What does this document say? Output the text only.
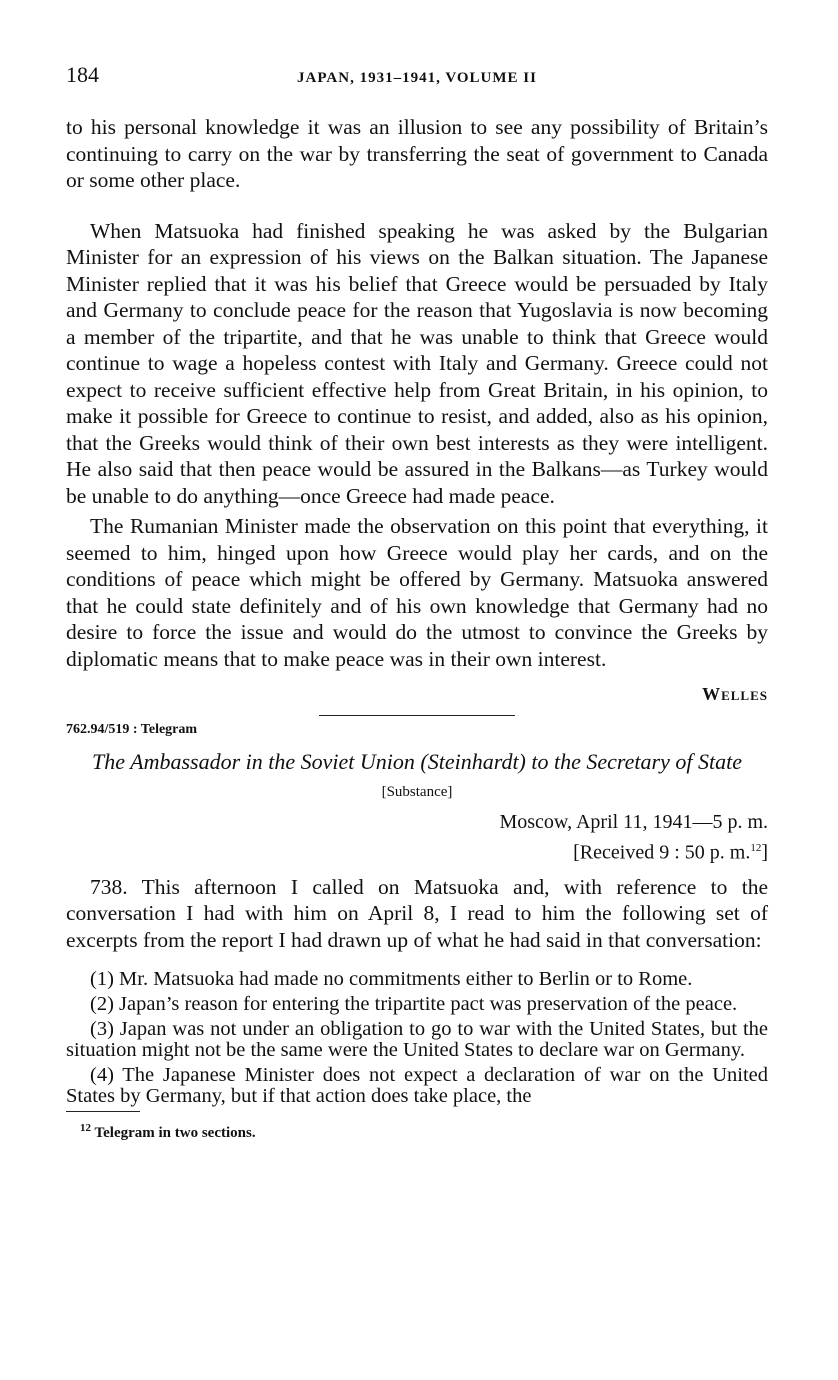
184	JAPAN, 1931–1941, VOLUME II

to his personal knowledge it was an illusion to see any possibility of Britain’s continuing to carry on the war by transferring the seat of government to Canada or some other place.

When Matsuoka had finished speaking he was asked by the Bulgarian Minister for an expression of his views on the Balkan situation. The Japanese Minister replied that it was his belief that Greece would be persuaded by Italy and Germany to conclude peace for the reason that Yugoslavia is now becoming a member of the tripartite, and that he was unable to think that Greece would continue to wage a hopeless contest with Italy and Germany. Greece could not expect to receive sufficient effective help from Great Britain, in his opinion, to make it possible for Greece to continue to resist, and added, also as his opinion, that the Greeks would think of their own best interests as they were intelligent. He also said that then peace would be assured in the Balkans—as Turkey would be unable to do anything—once Greece had made peace.

The Rumanian Minister made the observation on this point that everything, it seemed to him, hinged upon how Greece would play her cards, and on the conditions of peace which might be offered by Germany. Matsuoka answered that he could state definitely and of his own knowledge that Germany had no desire to force the issue and would do the utmost to convince the Greeks by diplomatic means that to make peace was in their own interest.

Welles
762.94/519 : Telegram
The Ambassador in the Soviet Union (Steinhardt) to the Secretary of State
[Substance]
Moscow, April 11, 1941—5 p. m.
[Received 9 : 50 p. m.$^{12}$]

738. This afternoon I called on Matsuoka and, with reference to the conversation I had with him on April 8, I read to him the following set of excerpts from the report I had drawn up of what he had said in that conversation:

(1) Mr. Matsuoka had made no commitments either to Berlin or to Rome.
(2) Japan’s reason for entering the tripartite pact was preservation of the peace.
(3) Japan was not under an obligation to go to war with the United States, but the situation might not be the same were the United States to declare war on Germany.
(4) The Japanese Minister does not expect a declaration of war on the United States by Germany, but if that action does take place, the
$^{12}$ Telegram in two sections.
